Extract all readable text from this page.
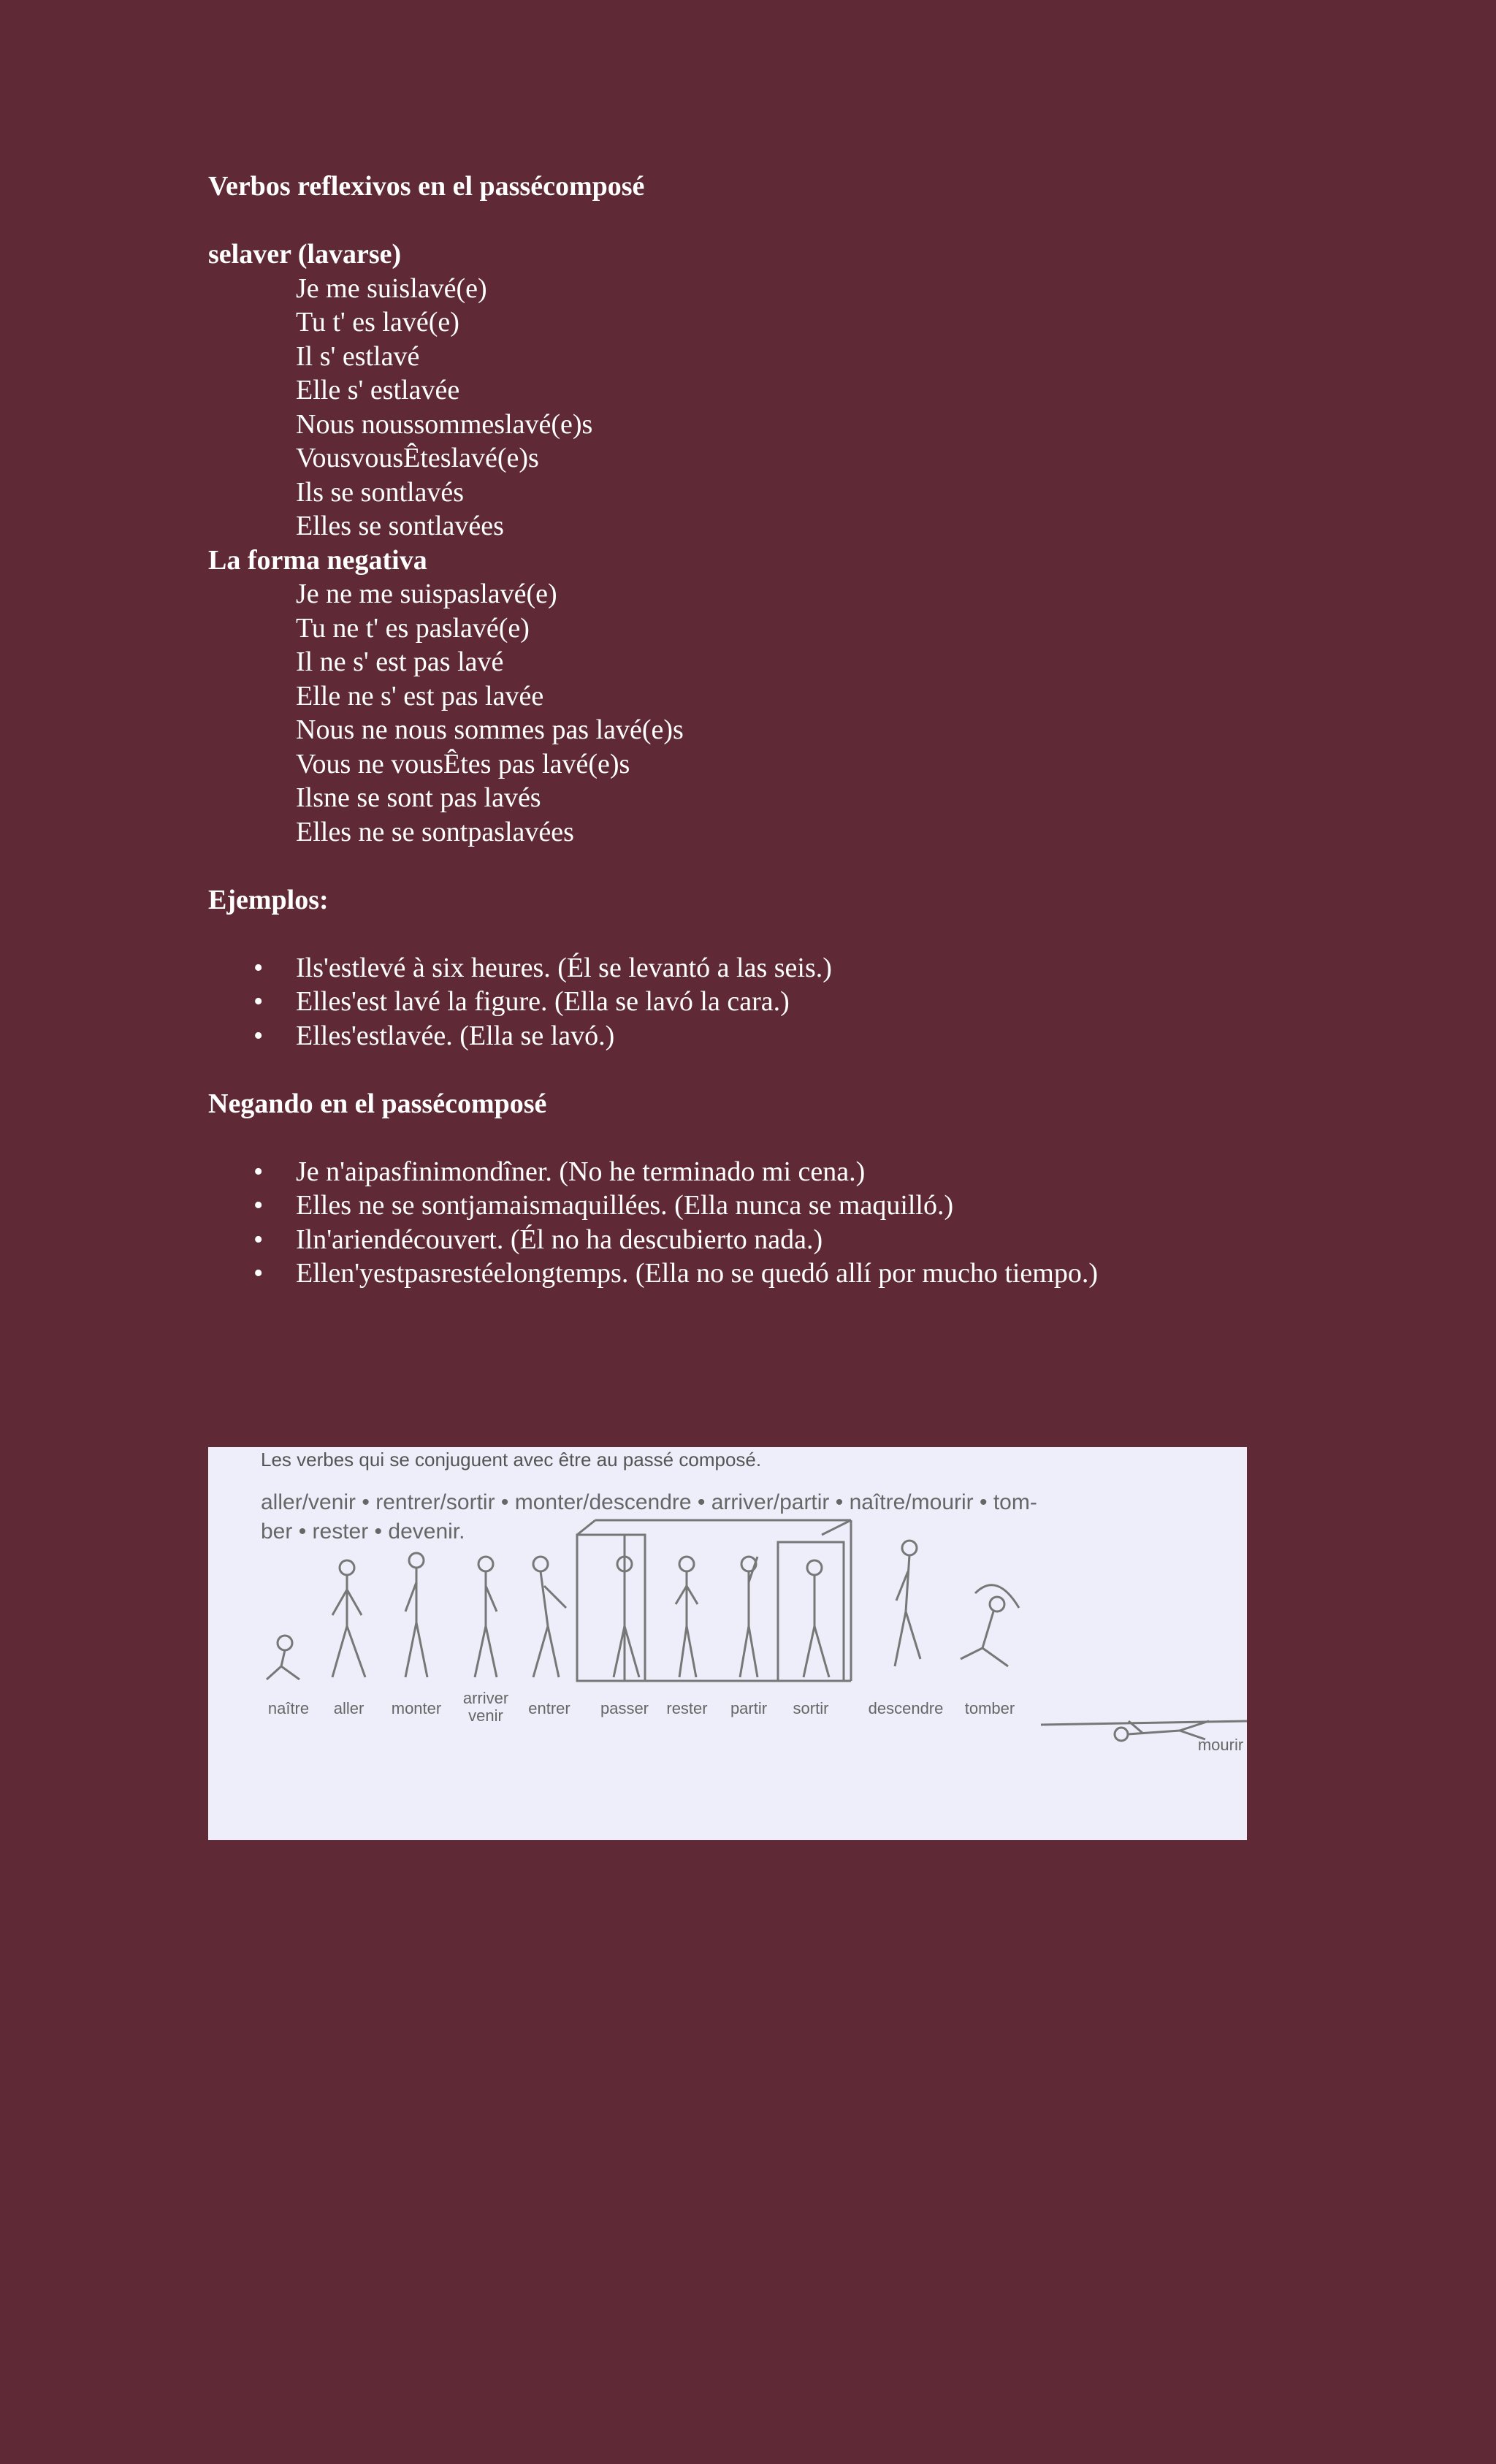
Verbos reflexivos en el passécomposé
selaver (lavarse)
Je me suislavé(e)
Tu t' es lavé(e)
Il s' estlavé
Elle s' estlavée
Nous noussommeslavé(e)s
VousvousÊteslavé(e)s
Ils se sontlavés
Elles se sontlavées
La forma negativa
Je ne me suispaslavé(e)
Tu ne t' es paslavé(e)
Il ne s' est pas lavé
Elle ne s' est pas lavée
Nous ne nous sommes pas lavé(e)s
Vous ne vousÊtes pas lavé(e)s
Ilsne se sont pas lavés
Elles ne se sontpaslavées
Ejemplos:
• Ils'estlevé à six heures. (Él se levantó a las seis.)
• Elles'est lavé la figure. (Ella se lavó la cara.)
• Elles'estlavée. (Ella se lavó.)
Negando en el passécomposé
• Je n'aipasfinimondîner. (No he terminado mi cena.)
• Elles ne se sontjamaismaquillées. (Ella nunca se maquilló.)
• Iln'ariendécouvert. (Él no ha descubierto nada.)
• Ellen'yestpasrestéelongtemps. (Ella no se quedó allí por mucho tiempo.)
Les verbes qui se conjuguent avec être au passé composé.
aller/venir • rentrer/sortir • monter/descendre • arriver/partir • naître/mourir • tom-
ber • rester • devenir.
naître	aller	monter
arriver
venir	entrer	passer	rester	partir sortir descendre	tomber
mourir
